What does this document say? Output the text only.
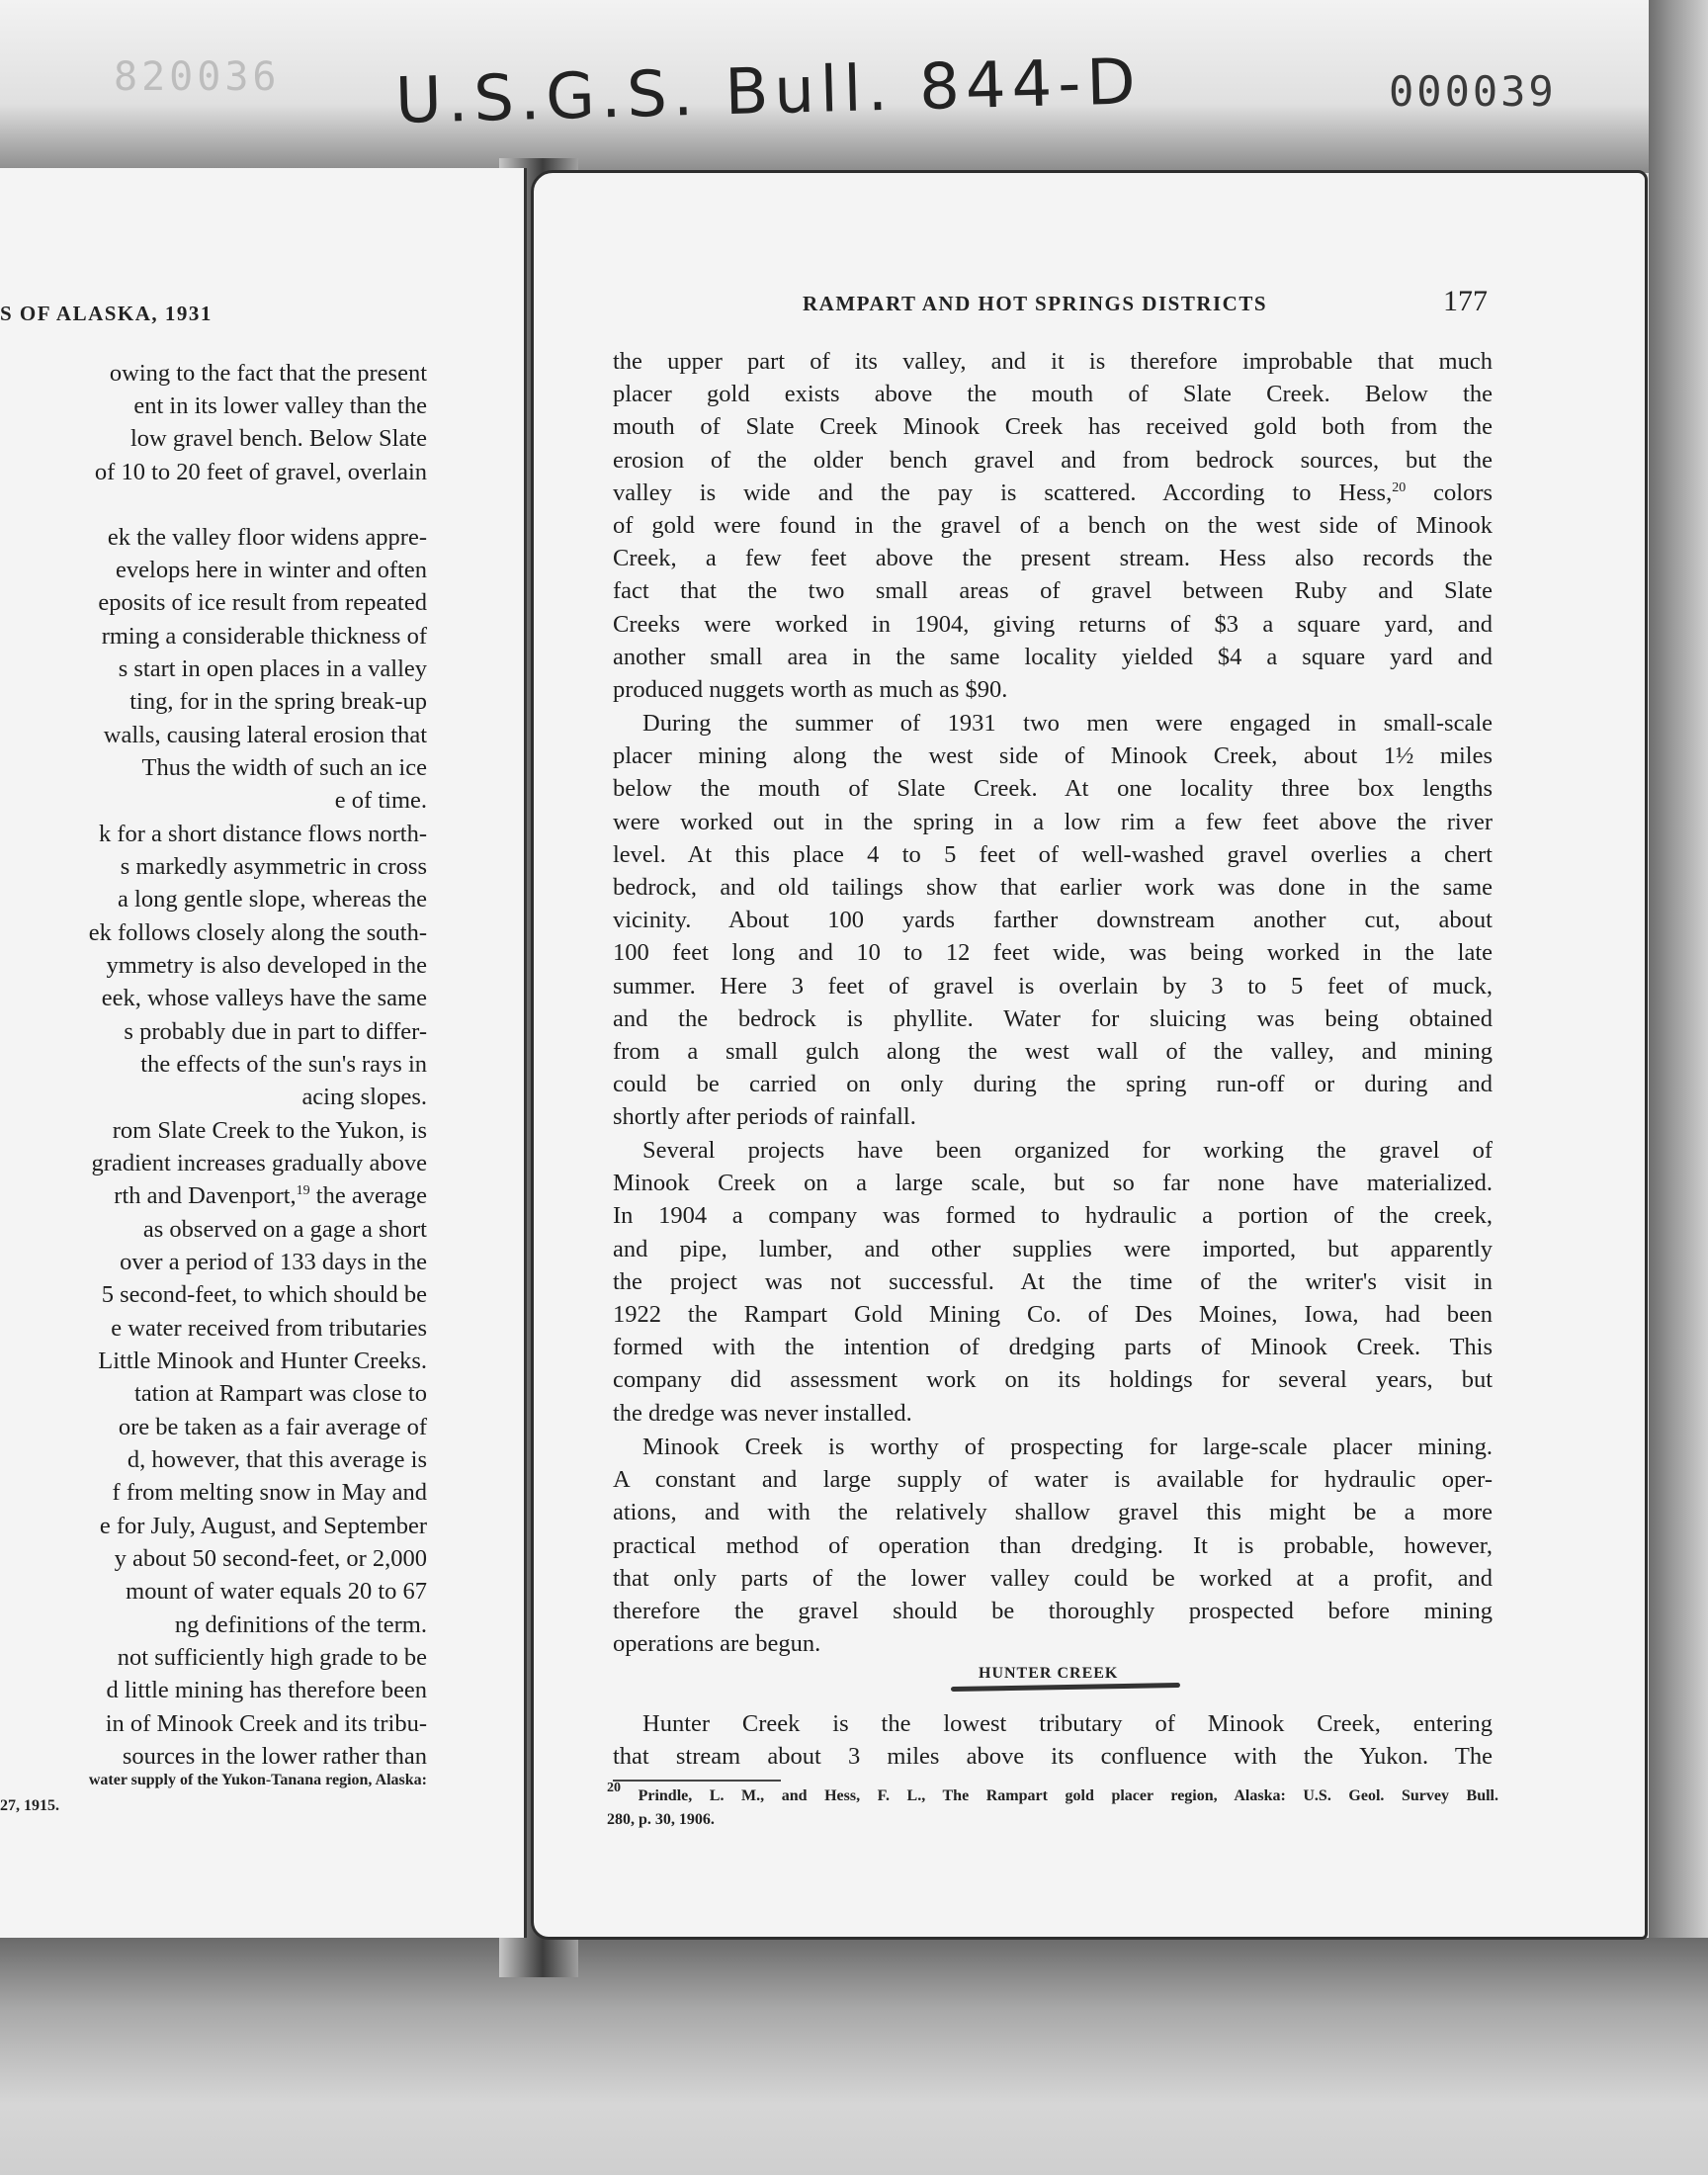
820036 U.S.G.S. Bull. 844-D	000039
S OF ALASKA, 1931
owing to the fact that the present
ent in its lower valley than the
low gravel bench. Below Slate
of 10 to 20 feet of gravel, overlain
ek the valley floor widens appre-
evelops here in winter and often
eposits of ice result from repeated
rming a considerable thickness of
s start in open places in a valley
ting, for in the spring break-up
walls, causing lateral erosion that
Thus the width of such an ice
e of time.
k for a short distance flows north-
s markedly asymmetric in cross
a long gentle slope, whereas the
ek follows closely along the south-
ymmetry is also developed in the
eek, whose valleys have the same
s probably due in part to differ-
the effects of the sun's rays in
acing slopes.
rom Slate Creek to the Yukon, is
gradient increases gradually above
rth and Davenport,$^{19}$ the average
as observed on a gage a short
over a period of 133 days in the
5 second-feet, to which should be
e water received from tributaries
Little Minook and Hunter Creeks.
tation at Rampart was close to
ore be taken as a fair average of
d, however, that this average is
f from melting snow in May and
e for July, August, and September
y about 50 second-feet, or 2,000
mount of water equals 20 to 67
ng definitions of the term.
not sufficiently high grade to be
d little mining has therefore been
in of Minook Creek and its tribu-
sources in the lower rather than
water supply of the Yukon-Tanana region, Alaska:
27, 1915.
RAMPART AND HOT SPRINGS DISTRICTS	177
the upper part of its valley, and it is therefore improbable that much
placer gold exists above the mouth of Slate Creek. Below the
mouth of Slate Creek Minook Creek has received gold both from the
erosion of the older bench gravel and from bedrock sources, but the
valley is wide and the pay is scattered. According to Hess,$^{20}$ colors
of gold were found in the gravel of a bench on the west side of Minook
Creek, a few feet above the present stream. Hess also records the
fact that the two small areas of gravel between Ruby and Slate
Creeks were worked in 1904, giving returns of $3 a square yard, and
another small area in the same locality yielded $4 a square yard and
produced nuggets worth as much as $90.
During the summer of 1931 two men were engaged in small-scale
placer mining along the west side of Minook Creek, about 1½ miles
below the mouth of Slate Creek. At one locality three box lengths
were worked out in the spring in a low rim a few feet above the river
level. At this place 4 to 5 feet of well-washed gravel overlies a chert
bedrock, and old tailings show that earlier work was done in the same
vicinity. About 100 yards farther downstream another cut, about
100 feet long and 10 to 12 feet wide, was being worked in the late
summer. Here 3 feet of gravel is overlain by 3 to 5 feet of muck,
and the bedrock is phyllite. Water for sluicing was being obtained
from a small gulch along the west wall of the valley, and mining
could be carried on only during the spring run-off or during and
shortly after periods of rainfall.
Several projects have been organized for working the gravel of
Minook Creek on a large scale, but so far none have materialized.
In 1904 a company was formed to hydraulic a portion of the creek,
and pipe, lumber, and other supplies were imported, but apparently
the project was not successful. At the time of the writer's visit in
1922 the Rampart Gold Mining Co. of Des Moines, Iowa, had been
formed with the intention of dredging parts of Minook Creek. This
company did assessment work on its holdings for several years, but
the dredge was never installed.
Minook Creek is worthy of prospecting for large-scale placer mining.
A constant and large supply of water is available for hydraulic oper-
ations, and with the relatively shallow gravel this might be a more
practical method of operation than dredging. It is probable, however,
that only parts of the lower valley could be worked at a profit, and
therefore the gravel should be thoroughly prospected before mining
operations are begun.
Hunter Creek is the lowest tributary of Minook Creek, entering
that stream about 3 miles above its confluence with the Yukon. The
HUNTER CREEK
$^{20}$ Prindle, L. M., and Hess, F. L., The Rampart gold placer region, Alaska: U.S. Geol. Survey Bull.
280, p. 30, 1906.
